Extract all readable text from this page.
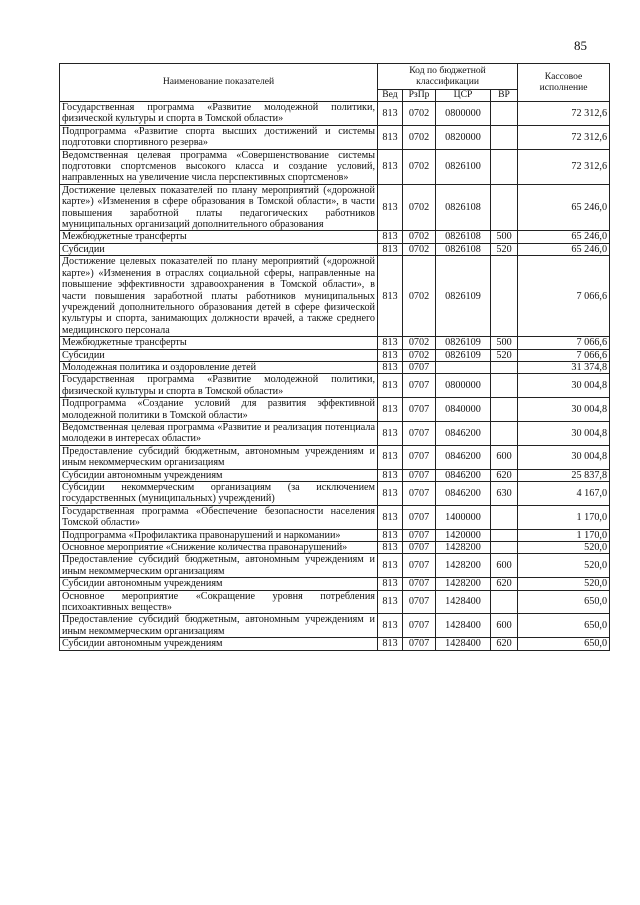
85
Наименование показателей	Код по бюджетной классификации				Кассовое исполнение
	Вед	РзПр	ЦСР	ВР	
Государственная программа «Развитие молодежной политики, физической культуры и спорта в Томской области»	813	0702	0800000		72 312,6
Подпрограмма «Развитие спорта высших достижений и системы подготовки спортивного резерва»	813	0702	0820000		72 312,6
Ведомственная целевая программа «Совершенствование системы подготовки спортсменов высокого класса и создание условий, направленных на увеличение числа перспективных спортсменов»	813	0702	0826100		72 312,6
Достижение целевых показателей по плану мероприятий («дорожной карте») «Изменения в сфере образования в Томской области», в части повышения заработной платы педагогических работников муниципальных организаций дополнительного образования	813	0702	0826108		65 246,0
Межбюджетные трансферты	813	0702	0826108	500	65 246,0
Субсидии	813	0702	0826108	520	65 246,0
Достижение целевых показателей по плану мероприятий («дорожной карте») «Изменения в отраслях социальной сферы, направленные на повышение эффективности здравоохранения в Томской области», в части повышения заработной платы работников муниципальных учреждений дополнительного образования детей в сфере физической культуры и спорта, занимающих должности врачей, а также среднего медицинского персонала	813	0702	0826109		7 066,6
Межбюджетные трансферты	813	0702	0826109	500	7 066,6
Субсидии	813	0702	0826109	520	7 066,6
Молодежная политика и оздоровление детей	813	0707			31 374,8
Государственная программа «Развитие молодежной политики, физической культуры и спорта в Томской области»	813	0707	0800000		30 004,8
Подпрограмма «Создание условий для развития эффективной молодежной политики в Томской области»	813	0707	0840000		30 004,8
Ведомственная целевая программа «Развитие и реализация потенциала молодежи в интересах области»	813	0707	0846200		30 004,8
Предоставление субсидий бюджетным, автономным учреждениям и иным некоммерческим организациям	813	0707	0846200	600	30 004,8
Субсидии автономным учреждениям	813	0707	0846200	620	25 837,8
Субсидии некоммерческим организациям (за исключением государственных (муниципальных) учреждений)	813	0707	0846200	630	4 167,0
Государственная программа «Обеспечение безопасности населения Томской области»	813	0707	1400000		1 170,0
Подпрограмма «Профилактика правонарушений и наркомании»	813	0707	1420000		1 170,0
Основное мероприятие «Снижение количества правонарушений»	813	0707	1428200		520,0
Предоставление субсидий бюджетным, автономным учреждениям и иным некоммерческим организациям	813	0707	1428200	600	520,0
Субсидии автономным учреждениям	813	0707	1428200	620	520,0
Основное мероприятие «Сокращение уровня потребления психоактивных веществ»	813	0707	1428400		650,0
Предоставление субсидий бюджетным, автономным учреждениям и иным некоммерческим организациям	813	0707	1428400	600	650,0
Субсидии автономным учреждениям	813	0707	1428400	620	650,0
